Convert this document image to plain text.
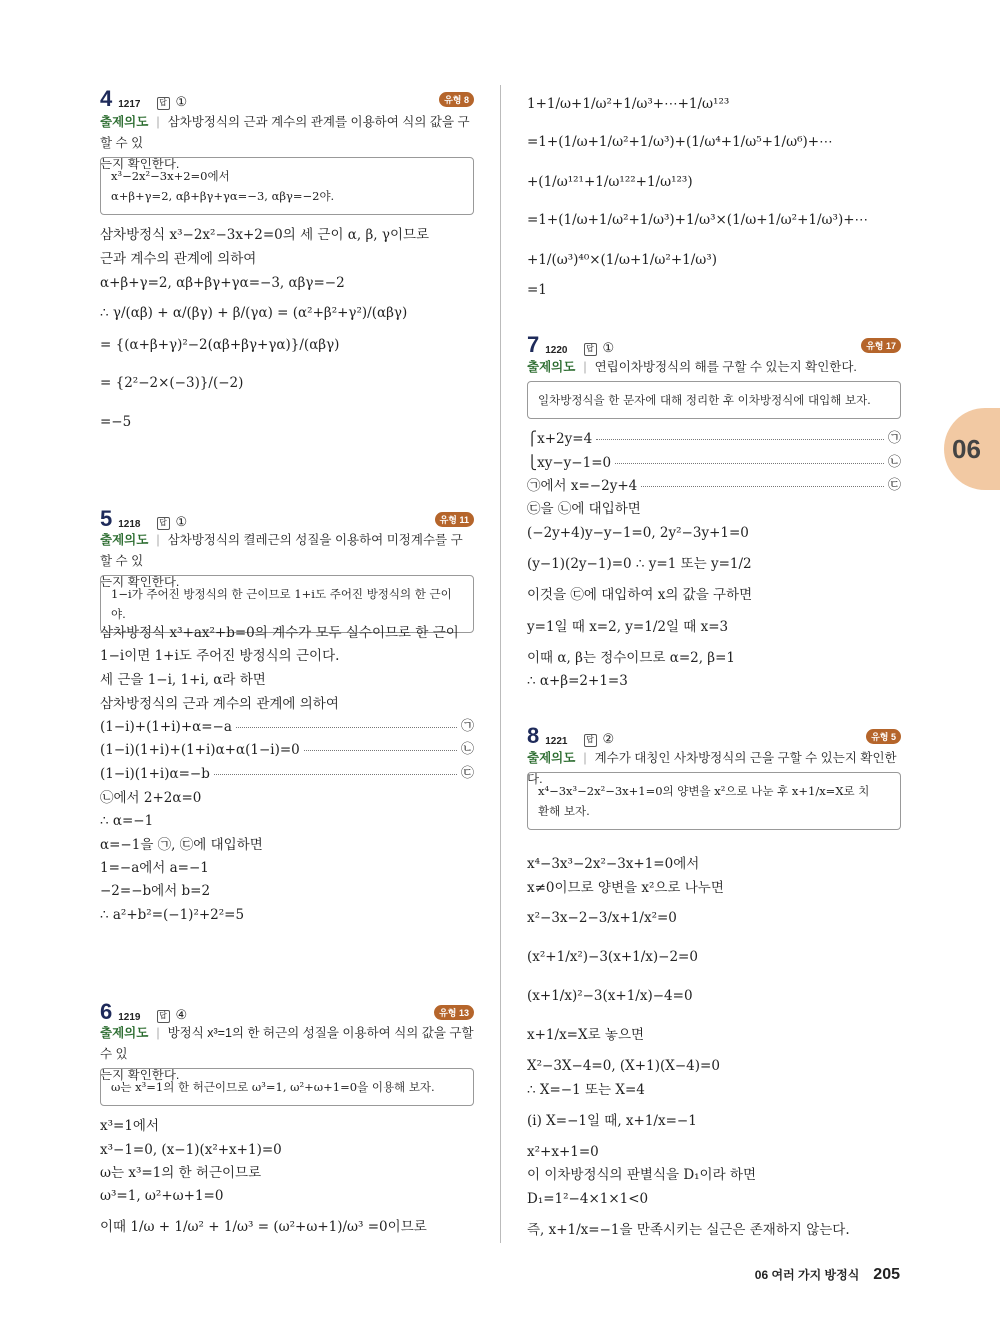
4 1217	답 ①	유형 8
출제의도 | 삼차방정식의 근과 계수의 관계를 이용하여 식의 값을 구할 수 있
는지 확인한다.
x³−2x²−3x+2=0에서
α+β+γ=2, αβ+βγ+γα=−3, αβγ=−2야.
삼차방정식 x³−2x²−3x+2=0의 세 근이 α, β, γ이므로
근과 계수의 관계에 의하여
α+β+γ=2, αβ+βγ+γα=−3, αβγ=−2
∴ γ/(αβ) + α/(βγ) + β/(γα) = (α²+β²+γ²)/(αβγ)
= {(α+β+γ)²−2(αβ+βγ+γα)}/(αβγ)
= {2²−2×(−3)}/(−2)
=−5
5 1218	답 ①	유형 11
출제의도 | 삼차방정식의 켤레근의 성질을 이용하여 미정계수를 구할 수 있
는지 확인한다.
1−i가 주어진 방정식의 한 근이므로 1+i도 주어진 방정식의 한 근이야.
삼차방정식 x³+ax²+b=0의 계수가 모두 실수이므로 한 근이
1−i이면 1+i도 주어진 방정식의 근이다.
세 근을 1−i, 1+i, α라 하면
삼차방정식의 근과 계수의 관계에 의하여
(1−i)+(1+i)+α=−a	㉠
(1−i)(1+i)+(1+i)α+α(1−i)=0	㉡
(1−i)(1+i)α=−b	㉢
㉡에서 2+2α=0
∴ α=−1
α=−1을 ㉠, ㉢에 대입하면
1=−a에서 a=−1
−2=−b에서 b=2
∴ a²+b²=(−1)²+2²=5
6 1219	답 ④	유형 13
출제의도 | 방정식 x³=1의 한 허근의 성질을 이용하여 식의 값을 구할 수 있
는지 확인한다.
ω는 x³=1의 한 허근이므로 ω³=1, ω²+ω+1=0을 이용해 보자.
x³=1에서
x³−1=0, (x−1)(x²+x+1)=0
ω는 x³=1의 한 허근이므로
ω³=1, ω²+ω+1=0
이때 1/ω + 1/ω² + 1/ω³ = (ω²+ω+1)/ω³ =0이므로
1+1/ω+1/ω²+1/ω³+⋯+1/ω¹²³
=1+(1/ω+1/ω²+1/ω³)+(1/ω⁴+1/ω⁵+1/ω⁶)+⋯
+(1/ω¹²¹+1/ω¹²²+1/ω¹²³)
=1+(1/ω+1/ω²+1/ω³)+1/ω³×(1/ω+1/ω²+1/ω³)+⋯
+1/(ω³)⁴⁰×(1/ω+1/ω²+1/ω³)
=1
7 1220	답 ①	유형 17
출제의도 | 연립이차방정식의 해를 구할 수 있는지 확인한다.
일차방정식을 한 문자에 대해 정리한 후 이차방정식에 대입해 보자.
⎧x+2y=4	㉠
⎩xy−y−1=0	㉡
㉠에서 x=−2y+4	㉢
㉢을 ㉡에 대입하면
(−2y+4)y−y−1=0, 2y²−3y+1=0
(y−1)(2y−1)=0 ∴ y=1 또는 y=1/2
이것을 ㉢에 대입하여 x의 값을 구하면
y=1일 때 x=2, y=1/2일 때 x=3
이때 α, β는 정수이므로 α=2, β=1
∴ α+β=2+1=3
8 1221	답 ②	유형 5
출제의도 | 계수가 대칭인 사차방정식의 근을 구할 수 있는지 확인한다.
x⁴−3x³−2x²−3x+1=0의 양변을 x²으로 나눈 후 x+1/x=X로 치
환해 보자.
x⁴−3x³−2x²−3x+1=0에서
x≠0이므로 양변을 x²으로 나누면
x²−3x−2−3/x+1/x²=0
(x²+1/x²)−3(x+1/x)−2=0
(x+1/x)²−3(x+1/x)−4=0
x+1/x=X로 놓으면
X²−3X−4=0, (X+1)(X−4)=0
∴ X=−1 또는 X=4
(i) X=−1일 때, x+1/x=−1
x²+x+1=0
이 이차방정식의 판별식을 D₁이라 하면
D₁=1²−4×1×1<0
즉, x+1/x=−1을 만족시키는 실근은 존재하지 않는다.
06
06 여러 가지 방정식 205
